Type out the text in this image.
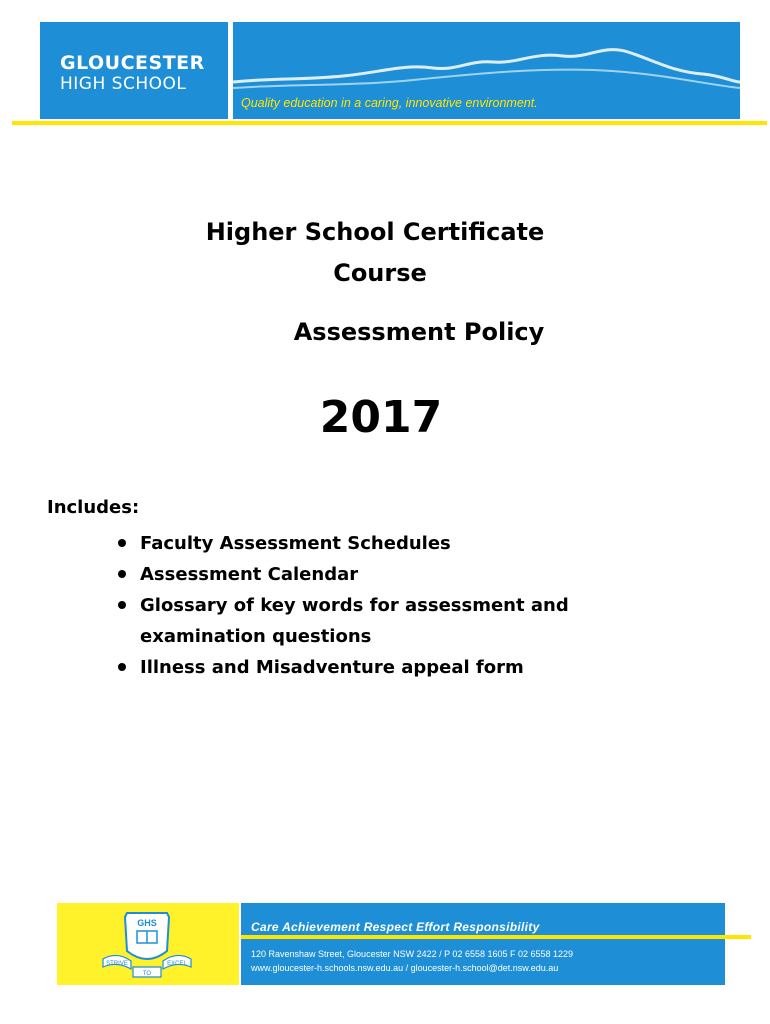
GLOUCESTER
HIGH SCHOOL
Quality education in a caring, innovative environment.
Higher School Certificate
Course
Assessment Policy
2017
Includes:
Faculty Assessment Schedules
Assessment Calendar
Glossary of key words for assessment and examination questions
Illness and Misadventure appeal form
GHS
STRIVE
TO
EXCEL
Care Achievement Respect Effort Responsibility
120 Ravenshaw Street, Gloucester NSW 2422 / P 02 6558 1605 F 02 6558 1229
www.gloucester-h.schools.nsw.edu.au / gloucester-h.school@det.nsw.edu.au
